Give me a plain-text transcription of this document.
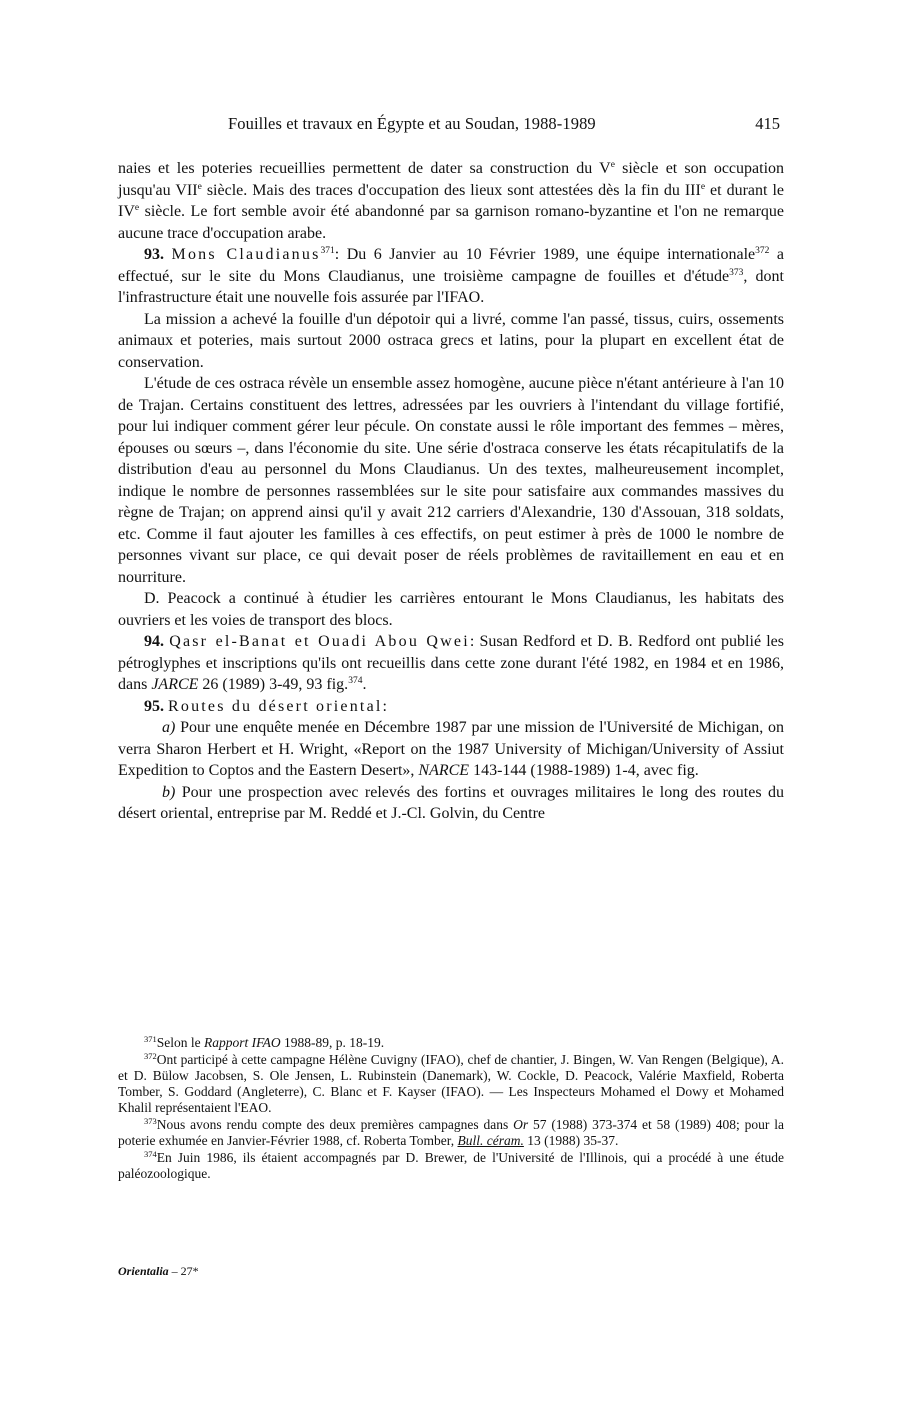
Fouilles et travaux en Égypte et au Soudan, 1988-1989	415

naies et les poteries recueillies permettent de dater sa construction du Ve siècle et son occupation jusqu'au VIIe siècle. Mais des traces d'occupation des lieux sont attestées dès la fin du IIIe et durant le IVe siècle. Le fort semble avoir été abandonné par sa garnison romano-byzantine et l'on ne remarque aucune trace d'occupation arabe.

93. Mons Claudianus$^{371}$: Du 6 Janvier au 10 Février 1989, une équipe internationale$^{372}$ a effectué, sur le site du Mons Claudianus, une troisième campagne de fouilles et d'étude$^{373}$, dont l'infrastructure était une nouvelle fois assurée par l'IFAO.

La mission a achevé la fouille d'un dépotoir qui a livré, comme l'an passé, tissus, cuirs, ossements animaux et poteries, mais surtout 2000 ostraca grecs et latins, pour la plupart en excellent état de conservation.

L'étude de ces ostraca révèle un ensemble assez homogène, aucune pièce n'étant antérieure à l'an 10 de Trajan. Certains constituent des lettres, adressées par les ouvriers à l'intendant du village fortifié, pour lui indiquer comment gérer leur pécule. On constate aussi le rôle important des femmes – mères, épouses ou sœurs –, dans l'économie du site. Une série d'ostraca conserve les états récapitulatifs de la distribution d'eau au personnel du Mons Claudianus. Un des textes, malheureusement incomplet, indique le nombre de personnes rassemblées sur le site pour satisfaire aux commandes massives du règne de Trajan; on apprend ainsi qu'il y avait 212 carriers d'Alexandrie, 130 d'Assouan, 318 soldats, etc. Comme il faut ajouter les familles à ces effectifs, on peut estimer à près de 1000 le nombre de personnes vivant sur place, ce qui devait poser de réels problèmes de ravitaillement en eau et en nourriture.

D. Peacock a continué à étudier les carrières entourant le Mons Claudianus, les habitats des ouvriers et les voies de transport des blocs.

94. Qasr el-Banat et Ouadi Abou Qwei: Susan Redford et D. B. Redford ont publié les pétroglyphes et inscriptions qu'ils ont recueillis dans cette zone durant l'été 1982, en 1984 et en 1986, dans JARCE 26 (1989) 3-49, 93 fig.$^{374}$.

95. Routes du désert oriental:

a) Pour une enquête menée en Décembre 1987 par une mission de l'Université de Michigan, on verra Sharon Herbert et H. Wright, «Report on the 1987 University of Michigan/University of Assiut Expedition to Coptos and the Eastern Desert», NARCE 143-144 (1988-1989) 1-4, avec fig.

b) Pour une prospection avec relevés des fortins et ouvrages militaires le long des routes du désert oriental, entreprise par M. Reddé et J.-Cl. Golvin, du Centre

$^{371}$Selon le Rapport IFAO 1988-89, p. 18-19.

$^{372}$Ont participé à cette campagne Hélène Cuvigny (IFAO), chef de chantier, J. Bingen, W. Van Rengen (Belgique), A. et D. Bülow Jacobsen, S. Ole Jensen, L. Rubinstein (Danemark), W. Cockle, D. Peacock, Valérie Maxfield, Roberta Tomber, S. Goddard (Angleterre), C. Blanc et F. Kayser (IFAO). — Les Inspecteurs Mohamed el Dowy et Mohamed Khalil représentaient l'EAO.

$^{373}$Nous avons rendu compte des deux premières campagnes dans Or 57 (1988) 373-374 et 58 (1989) 408; pour la poterie exhumée en Janvier-Février 1988, cf. Roberta Tomber, Bull. céram. 13 (1988) 35-37.

$^{374}$En Juin 1986, ils étaient accompagnés par D. Brewer, de l'Université de l'Illinois, qui a procédé à une étude paléozoologique.

Orientalia – 27*
